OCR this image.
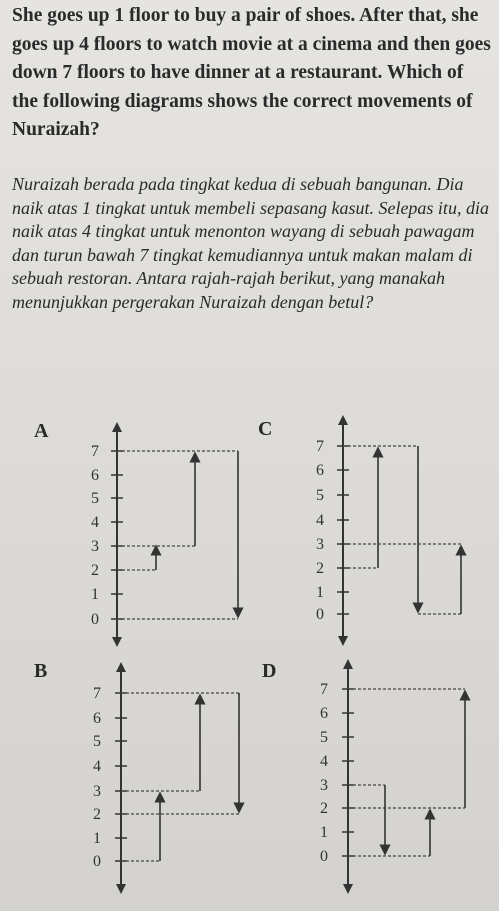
She goes up 1 floor to buy a pair of shoes. After that, she goes up 4 floors to watch movie at a cinema and then goes down 7 floors to have dinner at a restaurant. Which of the following diagrams shows the correct movements of Nuraizah?

Nuraizah berada pada tingkat kedua di sebuah bangunan. Dia naik atas 1 tingkat untuk membeli sepasang kasut. Selepas itu, dia naik atas 4 tingkat untuk menonton wayang di sebuah pawagam dan turun bawah 7 tingkat kemudiannya untuk makan malam di sebuah restoran. Antara rajah-rajah berikut, yang manakah menunjukkan pergerakan Nuraizah dengan betul?

A	C
B	D
7
6
5
4
3
2
1
0
7
6
5
4
3
2
1
0
7
6
5
4
3
2
1
0
7
6
5
4
3
2
1
0
